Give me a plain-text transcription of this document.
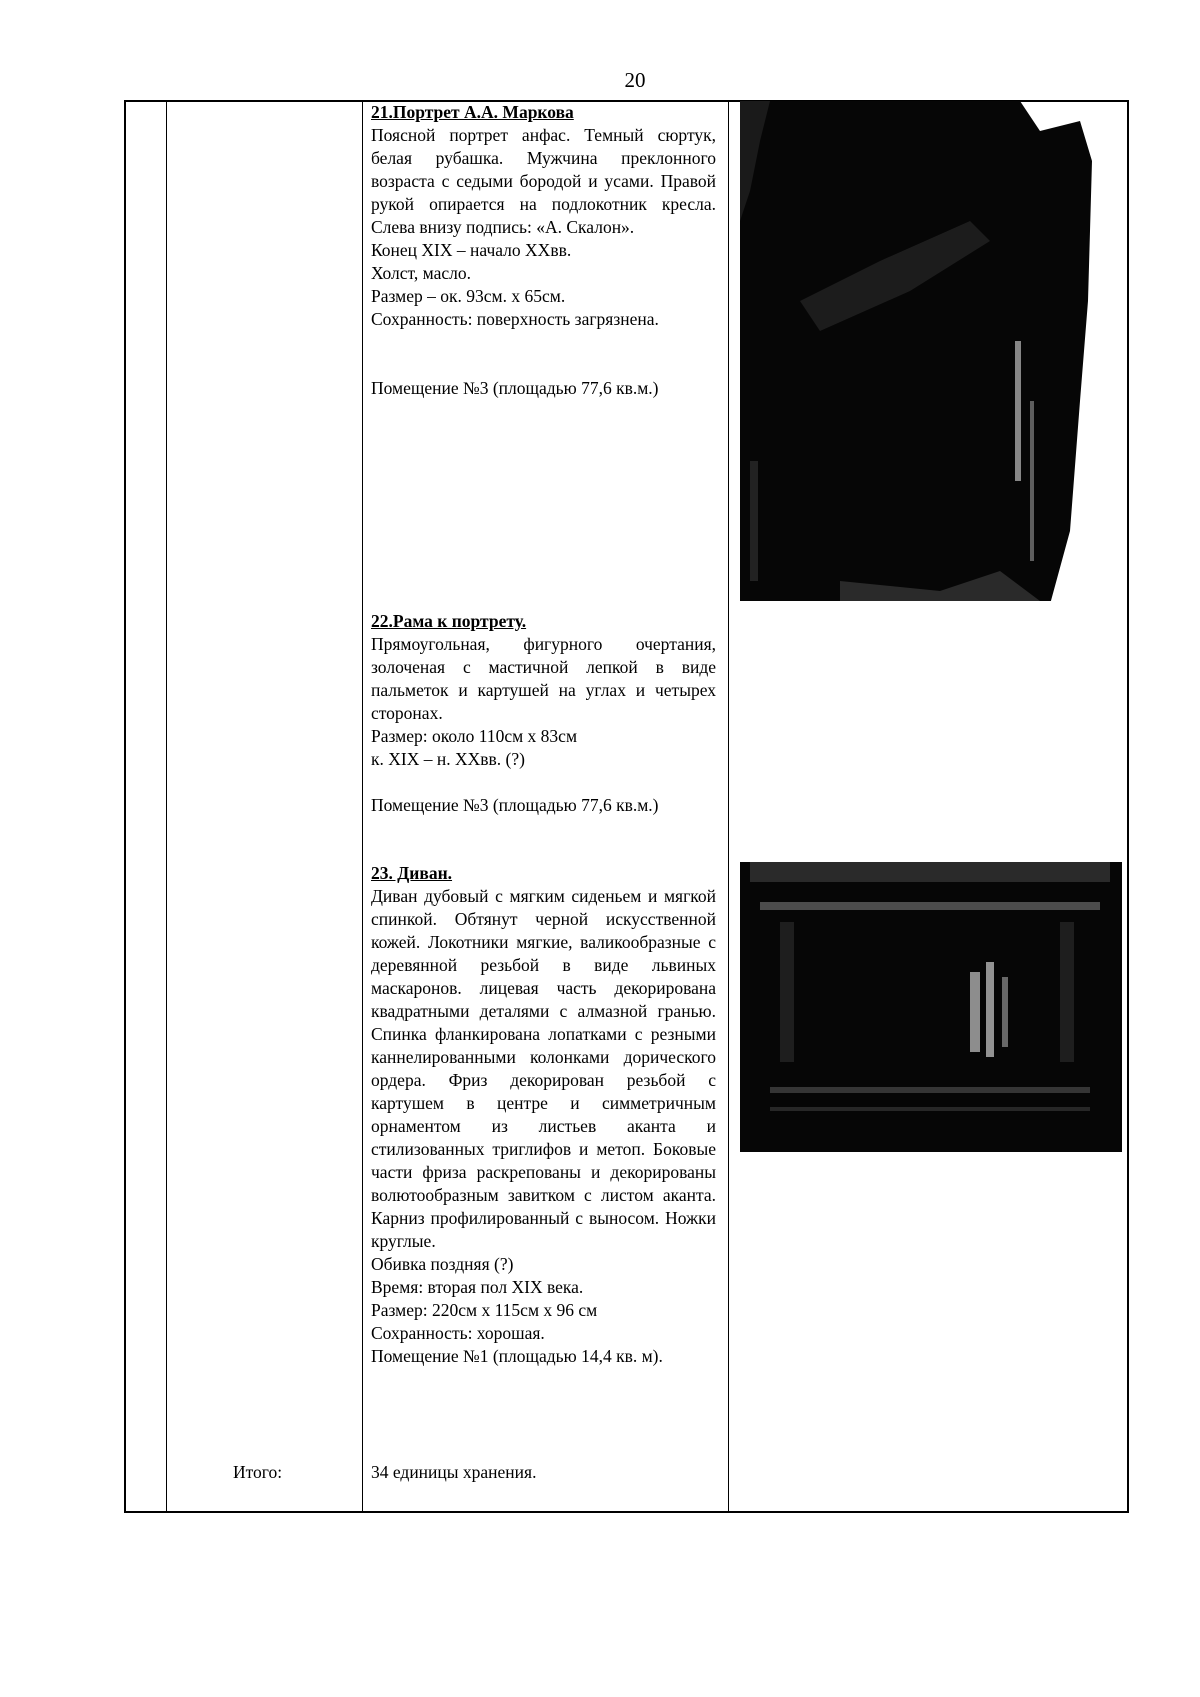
20

21.Портрет А.А. Маркова

Поясной портрет анфас. Темный сюртук, белая рубашка. Мужчина преклонного возраста с седыми бородой и усами. Правой рукой опирается на подлокотник кресла. Слева внизу подпись: «А. Скалон».

Конец XIX – начало XXвв.

Холст, масло.

Размер – ок. 93см. х 65см.

Сохранность: поверхность загрязнена.

Помещение №3 (площадью 77,6 кв.м.)

22.Рама к портрету.

Прямоугольная, фигурного очертания, золоченая с мастичной лепкой в виде пальметок и картушей на углах и четырех сторонах.

Размер: около 110см х 83см

к. XIX – н. XXвв. (?)

Помещение №3 (площадью 77,6 кв.м.)

23. Диван.

Диван дубовый с мягким сиденьем и мягкой спинкой. Обтянут черной искусственной кожей. Локотники мягкие, валикообразные с деревянной резьбой в виде львиных маскаронов. лицевая часть декорирована квадратными деталями с алмазной гранью. Спинка фланкирована лопатками с резными каннелированными колонками дорического ордера. Фриз декорирован резьбой с картушем в центре и симметричным орнаментом из листьев аканта и стилизованных триглифов и метоп. Боковые части фриза раскрепованы и декорированы волютообразным завитком с листом аканта. Карниз профилированный с выносом. Ножки круглые.

Обивка поздняя (?)

Время: вторая пол XIX века.

Размер: 220см х 115см х 96 см

Сохранность: хорошая.

Помещение №1 (площадью 14,4 кв. м).

Итого:	34 единицы хранения.
